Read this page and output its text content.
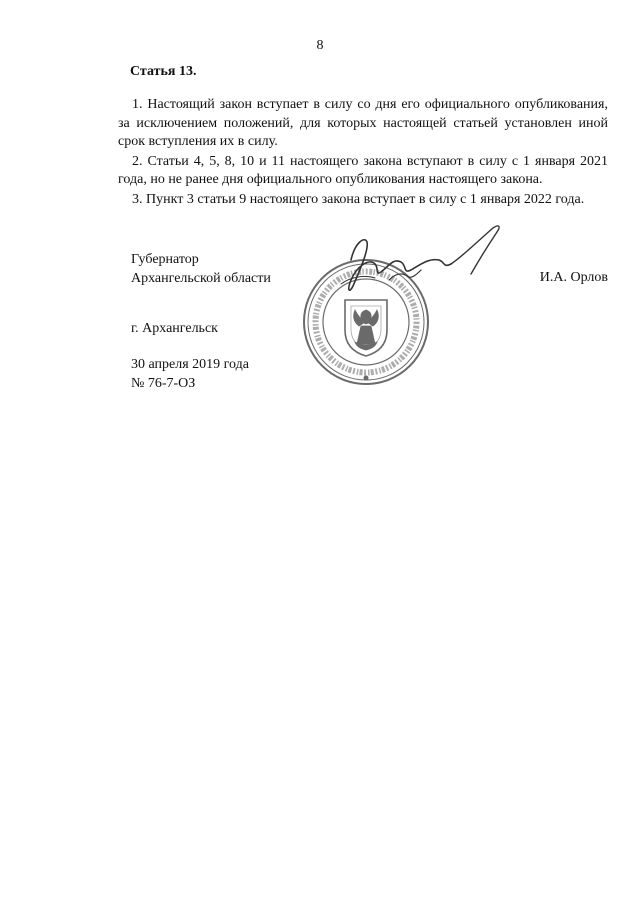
8
Статья 13.

1. Настоящий закон вступает в силу со дня его официального опубликования, за исключением положений, для которых настоящей статьей установлен иной срок вступления их в силу.

2. Статьи 4, 5, 8, 10 и 11 настоящего закона вступают в силу с 1 января 2021 года, но не ранее дня официального опубликования настоящего закона.

3. Пункт 3 статьи 9 настоящего закона вступает в силу с 1 января 2022 года.

Губернатор
Архангельской области	И.А. Орлов
г. Архангельск
30 апреля 2019 года
№ 76-7-ОЗ
